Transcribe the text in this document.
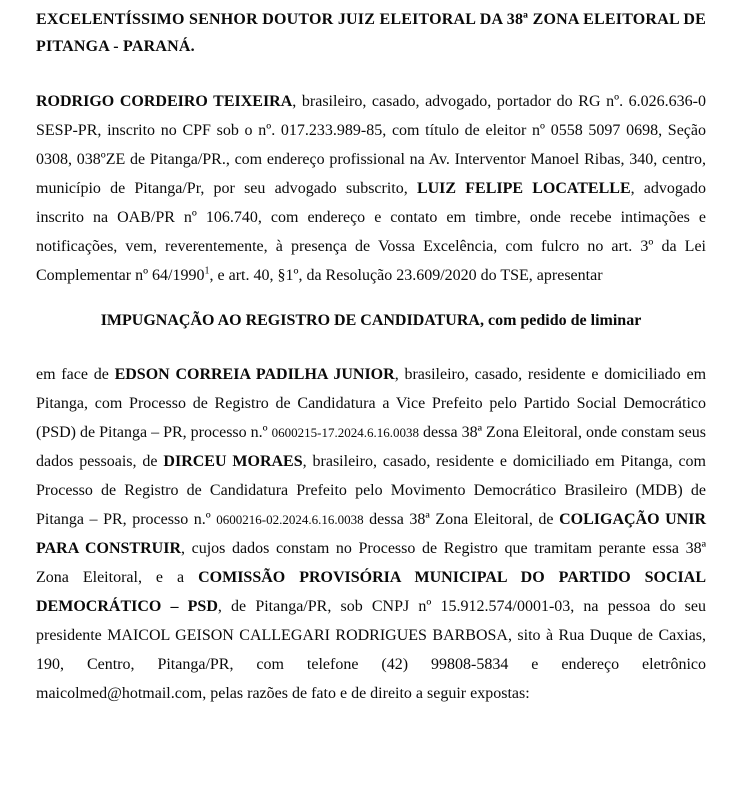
EXCELENTÍSSIMO SENHOR DOUTOR JUIZ ELEITORAL DA 38ª ZONA ELEITORAL DE PITANGA - PARANÁ.

RODRIGO CORDEIRO TEIXEIRA, brasileiro, casado, advogado, portador do RG nº. 6.026.636-0 SESP-PR, inscrito no CPF sob o nº. 017.233.989-85, com título de eleitor nº 0558 5097 0698, Seção 0308, 038ºZE de Pitanga/PR., com endereço profissional na Av. Interventor Manoel Ribas, 340, centro, município de Pitanga/Pr, por seu advogado subscrito, LUIZ FELIPE LOCATELLE, advogado inscrito na OAB/PR nº 106.740, com endereço e contato em timbre, onde recebe intimações e notificações, vem, reverentemente, à presença de Vossa Excelência, com fulcro no art. 3º da Lei Complementar nº 64/1990$^1$, e art. 40, §1º, da Resolução 23.609/2020 do TSE, apresentar

IMPUGNAÇÃO AO REGISTRO DE CANDIDATURA, com pedido de liminar

em face de EDSON CORREIA PADILHA JUNIOR, brasileiro, casado, residente e domiciliado em Pitanga, com Processo de Registro de Candidatura a Vice Prefeito pelo Partido Social Democrático (PSD) de Pitanga – PR, processo n.º 0600215-17.2024.6.16.0038 dessa 38ª Zona Eleitoral, onde constam seus dados pessoais, de DIRCEU MORAES, brasileiro, casado, residente e domiciliado em Pitanga, com Processo de Registro de Candidatura Prefeito pelo Movimento Democrático Brasileiro (MDB) de Pitanga – PR, processo n.º 0600216-02.2024.6.16.0038 dessa 38ª Zona Eleitoral, de COLIGAÇÃO UNIR PARA CONSTRUIR, cujos dados constam no Processo de Registro que tramitam perante essa 38ª Zona Eleitoral, e a COMISSÃO PROVISÓRIA MUNICIPAL DO PARTIDO SOCIAL DEMOCRÁTICO – PSD, de Pitanga/PR, sob CNPJ nº 15.912.574/0001-03, na pessoa do seu presidente MAICOL GEISON CALLEGARI RODRIGUES BARBOSA, sito à Rua Duque de Caxias, 190, Centro, Pitanga/PR, com telefone (42) 99808-5834 e endereço eletrônico maicolmed@hotmail.com, pelas razões de fato e de direito a seguir expostas:
